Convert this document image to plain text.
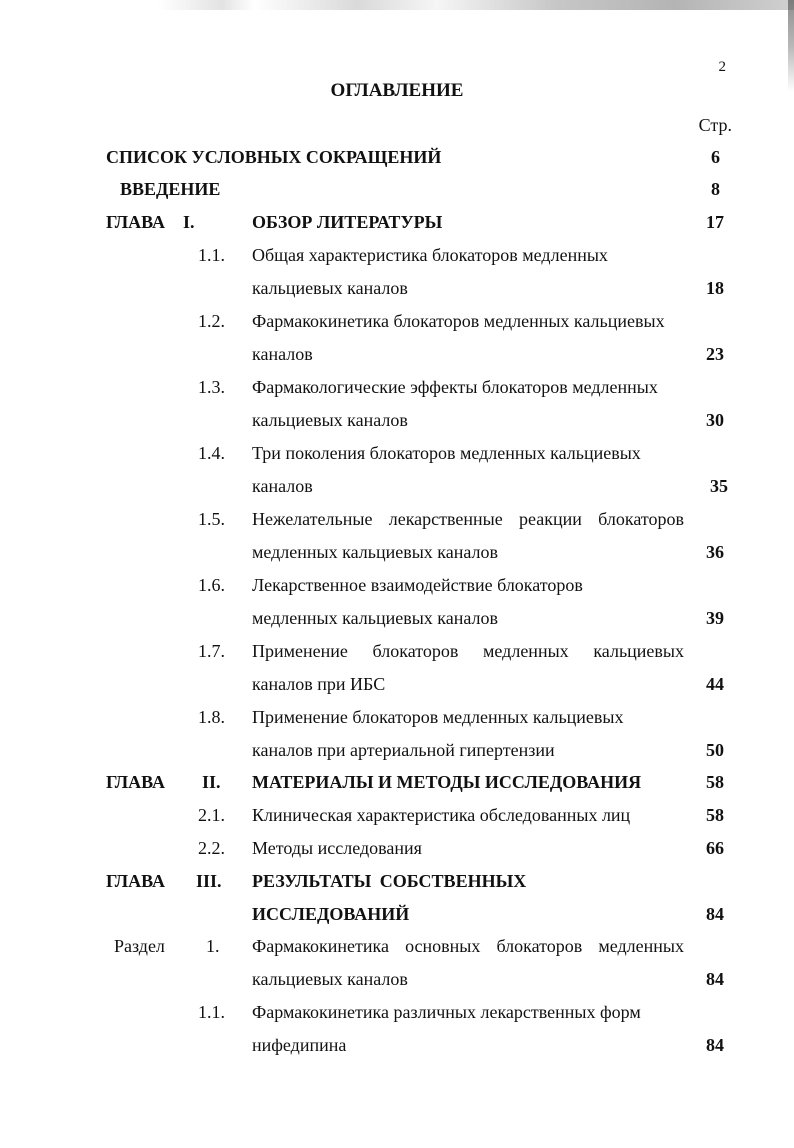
2
ОГЛАВЛЕНИЕ
Стр.
СПИСОК УСЛОВНЫХ СОКРАЩЕНИЙ	6
ВВЕДЕНИЕ	8
ГЛАВА I.	ОБЗОР ЛИТЕРАТУРЫ	17
1.1. Общая характеристика блокаторов медленных
кальциевых каналов	18
1.2. Фармакокинетика блокаторов медленных кальциевых
каналов	23
1.3. Фармакологические эффекты блокаторов медленных
кальциевых каналов	30
1.4. Три поколения блокаторов медленных кальциевых
каналов	35
1.5. Нежелательные лекарственные реакции блокаторов
медленных кальциевых каналов	36
1.6. Лекарственное взаимодействие блокаторов
медленных кальциевых каналов	39
1.7. Применение блокаторов медленных кальциевых
каналов при ИБС	44
1.8. Применение блокаторов медленных кальциевых
каналов при артериальной гипертензии	50
ГЛАВА II. МАТЕРИАЛЫ И МЕТОДЫ ИССЛЕДОВАНИЯ	58
2.1. Клиническая характеристика обследованных лиц	58
2.2. Методы исследования	66
ГЛАВА III. РЕЗУЛЬТАТЫ СОБСТВЕННЫХ
ИССЛЕДОВАНИЙ	84
Раздел 1. Фармакокинетика основных блокаторов медленных
кальциевых каналов	84
1.1. Фармакокинетика различных лекарственных форм
нифедипина	84
